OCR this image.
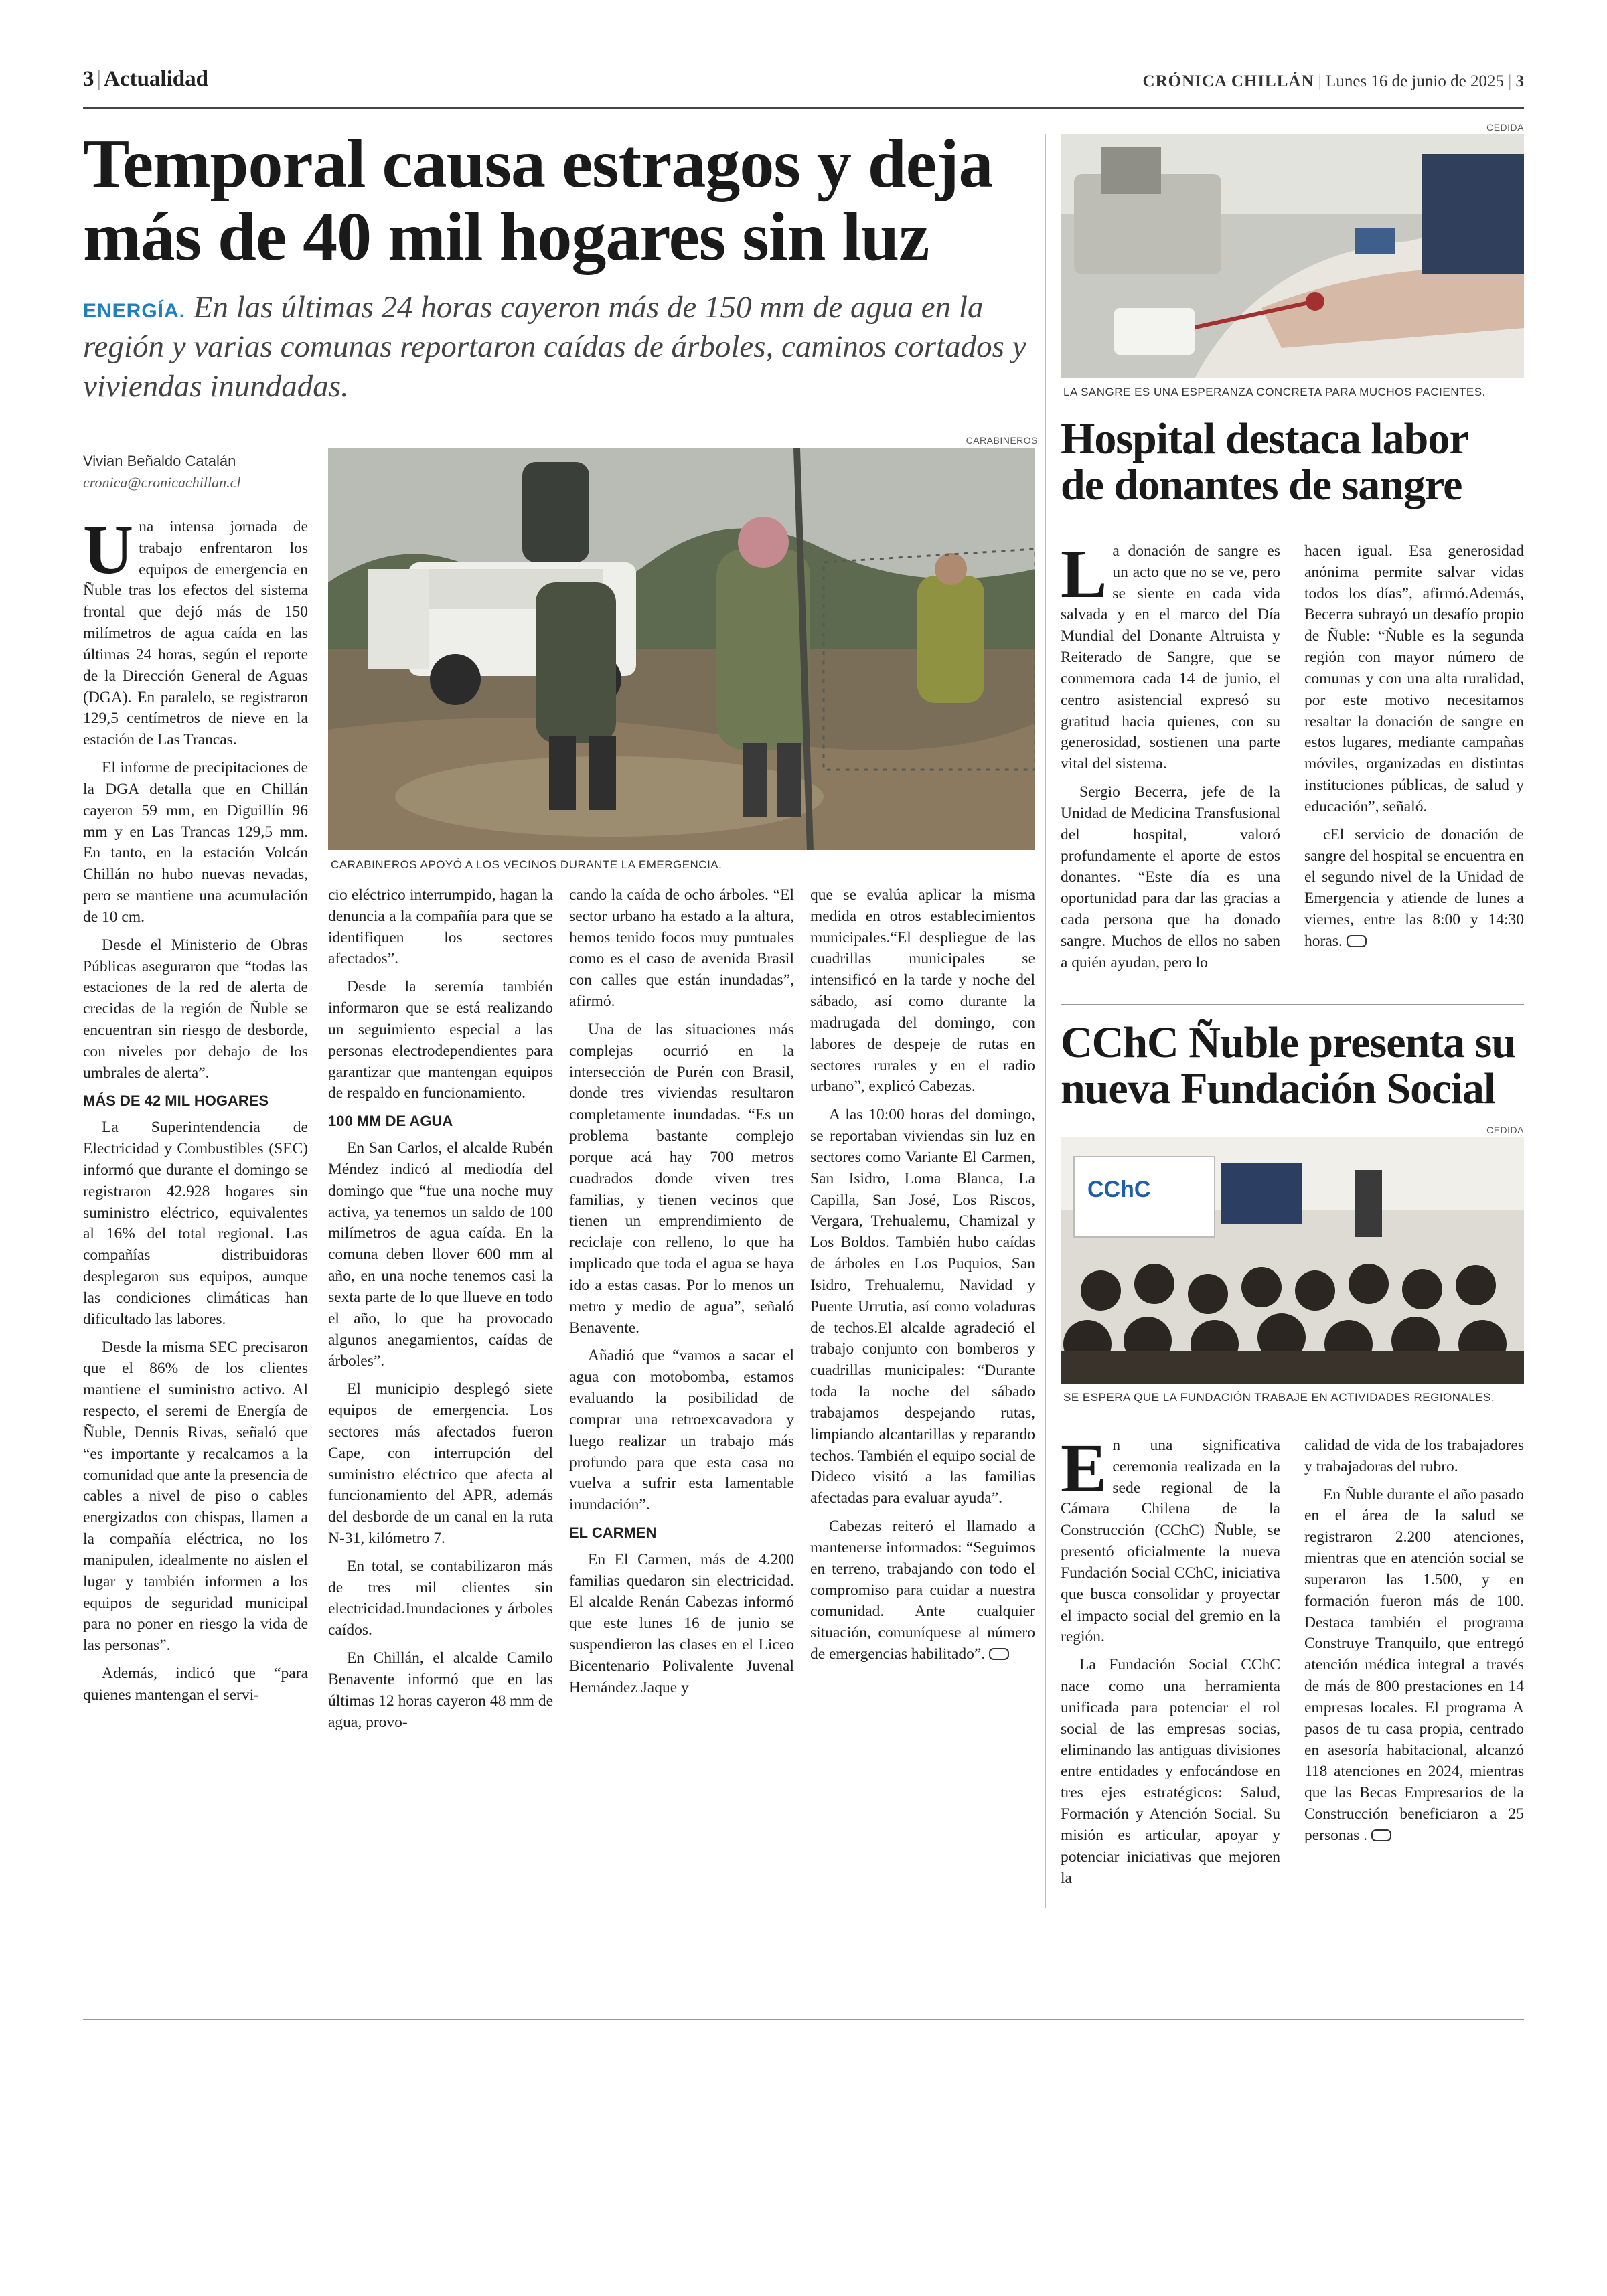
3 | Actualidad	CRÓNICA CHILLÁN | Lunes 16 de junio de 2025 | 3
Temporal causa estragos y deja
más de 40 mil hogares sin luz

ENERGÍA. En las últimas 24 horas cayeron más de 150 mm de agua en la región y varias comunas reportaron caídas de árboles, caminos cortados y viviendas inundadas.

Vivian Beñaldo Catalán
cronica@cronicachillan.cl
CARABINEROS
CARABINEROS APOYÓ A LOS VECINOS DURANTE LA EMERGENCIA.

Una intensa jornada de trabajo enfrentaron los equipos de emergencia en Ñuble tras los efectos del sistema frontal que dejó más de 150 milímetros de agua caída en las últimas 24 horas, según el reporte de la Dirección General de Aguas (DGA). En paralelo, se registraron 129,5 centímetros de nieve en la estación de Las Trancas.

El informe de precipitaciones de la DGA detalla que en Chillán cayeron 59 mm, en Diguillín 96 mm y en Las Trancas 129,5 mm. En tanto, en la estación Volcán Chillán no hubo nuevas nevadas, pero se mantiene una acumulación de 10 cm.

Desde el Ministerio de Obras Públicas aseguraron que “todas las estaciones de la red de alerta de crecidas de la región de Ñuble se encuentran sin riesgo de desborde, con niveles por debajo de los umbrales de alerta”.

MÁS DE 42 MIL HOGARES

La Superintendencia de Electricidad y Combustibles (SEC) informó que durante el domingo se registraron 42.928 hogares sin suministro eléctrico, equivalentes al 16% del total regional. Las compañías distribuidoras desplegaron sus equipos, aunque las condiciones climáticas han dificultado las labores.

Desde la misma SEC precisaron que el 86% de los clientes mantiene el suministro activo. Al respecto, el seremi de Energía de Ñuble, Dennis Rivas, señaló que “es importante y recalcamos a la comunidad que ante la presencia de cables a nivel de piso o cables energizados con chispas, llamen a la compañía eléctrica, no los manipulen, idealmente no aislen el lugar y también informen a los equipos de seguridad municipal para no poner en riesgo la vida de las personas”.

Además, indicó que “para quienes mantengan el servi-

cio eléctrico interrumpido, hagan la denuncia a la compañía para que se identifiquen los sectores afectados”.

Desde la seremía también informaron que se está realizando un seguimiento especial a las personas electrodependientes para garantizar que mantengan equipos de respaldo en funcionamiento.

100 MM DE AGUA

En San Carlos, el alcalde Rubén Méndez indicó al mediodía del domingo que “fue una noche muy activa, ya tenemos un saldo de 100 milímetros de agua caída. En la comuna deben llover 600 mm al año, en una noche tenemos casi la sexta parte de lo que llueve en todo el año, lo que ha provocado algunos anegamientos, caídas de árboles”.

El municipio desplegó siete equipos de emergencia. Los sectores más afectados fueron Cape, con interrupción del suministro eléctrico que afecta al funcionamiento del APR, además del desborde de un canal en la ruta N-31, kilómetro 7.

En total, se contabilizaron más de tres mil clientes sin electricidad.Inundaciones y árboles caídos.

En Chillán, el alcalde Camilo Benavente informó que en las últimas 12 horas cayeron 48 mm de agua, provo-

cando la caída de ocho árboles. “El sector urbano ha estado a la altura, hemos tenido focos muy puntuales como es el caso de avenida Brasil con calles que están inundadas”, afirmó.

Una de las situaciones más complejas ocurrió en la intersección de Purén con Brasil, donde tres viviendas resultaron completamente inundadas. “Es un problema bastante complejo porque acá hay 700 metros cuadrados donde viven tres familias, y tienen vecinos que tienen un emprendimiento de reciclaje con relleno, lo que ha implicado que toda el agua se haya ido a estas casas. Por lo menos un metro y medio de agua”, señaló Benavente.

Añadió que “vamos a sacar el agua con motobomba, estamos evaluando la posibilidad de comprar una retroexcavadora y luego realizar un trabajo más profundo para que esta casa no vuelva a sufrir esta lamentable inundación”.

EL CARMEN

En El Carmen, más de 4.200 familias quedaron sin electricidad. El alcalde Renán Cabezas informó que este lunes 16 de junio se suspendieron las clases en el Liceo Bicentenario Polivalente Juvenal Hernández Jaque y

que se evalúa aplicar la misma medida en otros establecimientos municipales.“El despliegue de las cuadrillas municipales se intensificó en la tarde y noche del sábado, así como durante la madrugada del domingo, con labores de despeje de rutas en sectores rurales y en el radio urbano”, explicó Cabezas.

A las 10:00 horas del domingo, se reportaban viviendas sin luz en sectores como Variante El Carmen, San Isidro, Loma Blanca, La Capilla, San José, Los Riscos, Vergara, Trehualemu, Chamizal y Los Boldos. También hubo caídas de árboles en Los Puquios, San Isidro, Trehualemu, Navidad y Puente Urrutia, así como voladuras de techos.El alcalde agradeció el trabajo conjunto con bomberos y cuadrillas municipales: “Durante toda la noche del sábado trabajamos despejando rutas, limpiando alcantarillas y reparando techos. También el equipo social de Dideco visitó a las familias afectadas para evaluar ayuda”.

Cabezas reiteró el llamado a mantenerse informados: “Seguimos en terreno, trabajando con todo el compromiso para cuidar a nuestra comunidad. Ante cualquier situación, comuníquese al número de emergencias habilitado”.

CEDIDA
LA SANGRE ES UNA ESPERANZA CONCRETA PARA MUCHOS PACIENTES.
Hospital destaca labor
de donantes de sangre

La donación de sangre es un acto que no se ve, pero se siente en cada vida salvada y en el marco del Día Mundial del Donante Altruista y Reiterado de Sangre, que se conmemora cada 14 de junio, el centro asistencial expresó su gratitud hacia quienes, con su generosidad, sostienen una parte vital del sistema.

Sergio Becerra, jefe de la Unidad de Medicina Transfusional del hospital, valoró profundamente el aporte de estos donantes. “Este día es una oportunidad para dar las gracias a cada persona que ha donado sangre. Muchos de ellos no saben a quién ayudan, pero lo

hacen igual. Esa generosidad anónima permite salvar vidas todos los días”, afirmó.Además, Becerra subrayó un desafío propio de Ñuble: “Ñuble es la segunda región con mayor número de comunas y con una alta ruralidad, por este motivo necesitamos resaltar la donación de sangre en estos lugares, mediante campañas móviles, organizadas en distintas instituciones públicas, de salud y educación”, señaló.

cEl servicio de donación de sangre del hospital se encuentra en el segundo nivel de la Unidad de Emergencia y atiende de lunes a viernes, entre las 8:00 y 14:30 horas.

CChC Ñuble presenta su
nueva Fundación Social
CEDIDA
CChC
SE ESPERA QUE LA FUNDACIÓN TRABAJE EN ACTIVIDADES REGIONALES.

En una significativa ceremonia realizada en la sede regional de la Cámara Chilena de la Construcción (CChC) Ñuble, se presentó oficialmente la nueva Fundación Social CChC, iniciativa que busca consolidar y proyectar el impacto social del gremio en la región.

La Fundación Social CChC nace como una herramienta unificada para potenciar el rol social de las empresas socias, eliminando las antiguas divisiones entre entidades y enfocándose en tres ejes estratégicos: Salud, Formación y Atención Social. Su misión es articular, apoyar y potenciar iniciativas que mejoren la

calidad de vida de los trabajadores y trabajadoras del rubro.

En Ñuble durante el año pasado en el área de la salud se registraron 2.200 atenciones, mientras que en atención social se superaron las 1.500, y en formación fueron más de 100. Destaca también el programa Construye Tranquilo, que entregó atención médica integral a través de más de 800 prestaciones en 14 empresas locales. El programa A pasos de tu casa propia, centrado en asesoría habitacional, alcanzó 118 atenciones en 2024, mientras que las Becas Empresarios de la Construcción beneficiaron a 25 personas .
